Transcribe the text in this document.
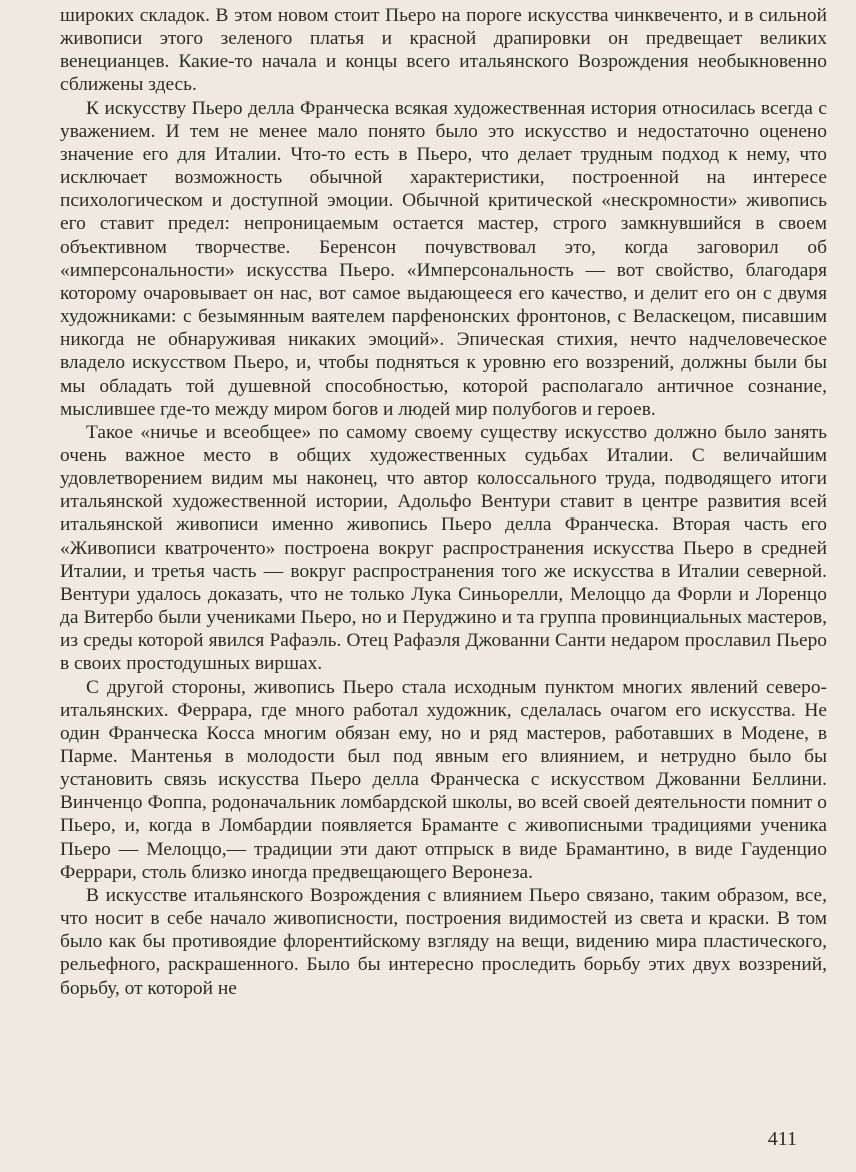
широких складок. В этом новом стоит Пьеро на пороге искусства чинквеченто, и в сильной живописи этого зеленого платья и красной драпировки он предвещает великих венецианцев. Какие-то начала и концы всего итальянского Возрождения необыкновенно сближены здесь.

К искусству Пьеро делла Франческа всякая художественная история относилась всегда с уважением. И тем не менее мало понято было это искусство и недостаточно оценено значение его для Италии. Что-то есть в Пьеро, что делает трудным подход к нему, что исключает возможность обычной характеристики, построенной на интересе психологическом и доступной эмоции. Обычной критической «нескромности» живопись его ставит предел: непроницаемым остается мастер, строго замкнувшийся в своем объективном творчестве. Беренсон почувствовал это, когда заговорил об «имперсональности» искусства Пьеро. «Имперсональность — вот свойство, благодаря которому очаровывает он нас, вот самое выдающееся его качество, и делит его он с двумя художниками: с безымянным ваятелем парфенонских фронтонов, с Веласкецом, писавшим никогда не обнаруживая никаких эмоций». Эпическая стихия, нечто надчеловеческое владело искусством Пьеро, и, чтобы подняться к уровню его воззрений, должны были бы мы обладать той душевной способностью, которой располагало античное сознание, мыслившее где-то между миром богов и людей мир полубогов и героев.

Такое «ничье и всеобщее» по самому своему существу искусство должно было занять очень важное место в общих художественных судьбах Италии. С величайшим удовлетворением видим мы наконец, что автор колоссального труда, подводящего итоги итальянской художественной истории, Адольфо Вентури ставит в центре развития всей итальянской живописи именно живопись Пьеро делла Франческа. Вторая часть его «Живописи кватроченто» построена вокруг распространения искусства Пьеро в средней Италии, и третья часть — вокруг распространения того же искусства в Италии северной. Вентури удалось доказать, что не только Лука Синьорелли, Мелоццо да Форли и Лоренцо да Витербо были учениками Пьеро, но и Перуджино и та группа провинциальных мастеров, из среды которой явился Рафаэль. Отец Рафаэля Джованни Санти недаром прославил Пьеро в своих простодушных виршах.

С другой стороны, живопись Пьеро стала исходным пунктом многих явлений северо-итальянских. Феррара, где много работал художник, сделалась очагом его искусства. Не один Франческа Косса многим обязан ему, но и ряд мастеров, работавших в Модене, в Парме. Мантенья в молодости был под явным его влиянием, и нетрудно было бы установить связь искусства Пьеро делла Франческа с искусством Джованни Беллини. Винченцо Фоппа, родоначальник ломбардской школы, во всей своей деятельности помнит о Пьеро, и, когда в Ломбардии появляется Браманте с живописными традициями ученика Пьеро — Мелоццо,— традиции эти дают отпрыск в виде Брамантино, в виде Гауденцио Феррари, столь близко иногда предвещающего Веронеза.

В искусстве итальянского Возрождения с влиянием Пьеро связано, таким образом, все, что носит в себе начало живописности, построения видимостей из света и краски. В том было как бы противоядие флорентийскому взгляду на вещи, видению мира пластического, рельефного, раскрашенного. Было бы интересно проследить борьбу этих двух воззрений, борьбу, от которой не

411
